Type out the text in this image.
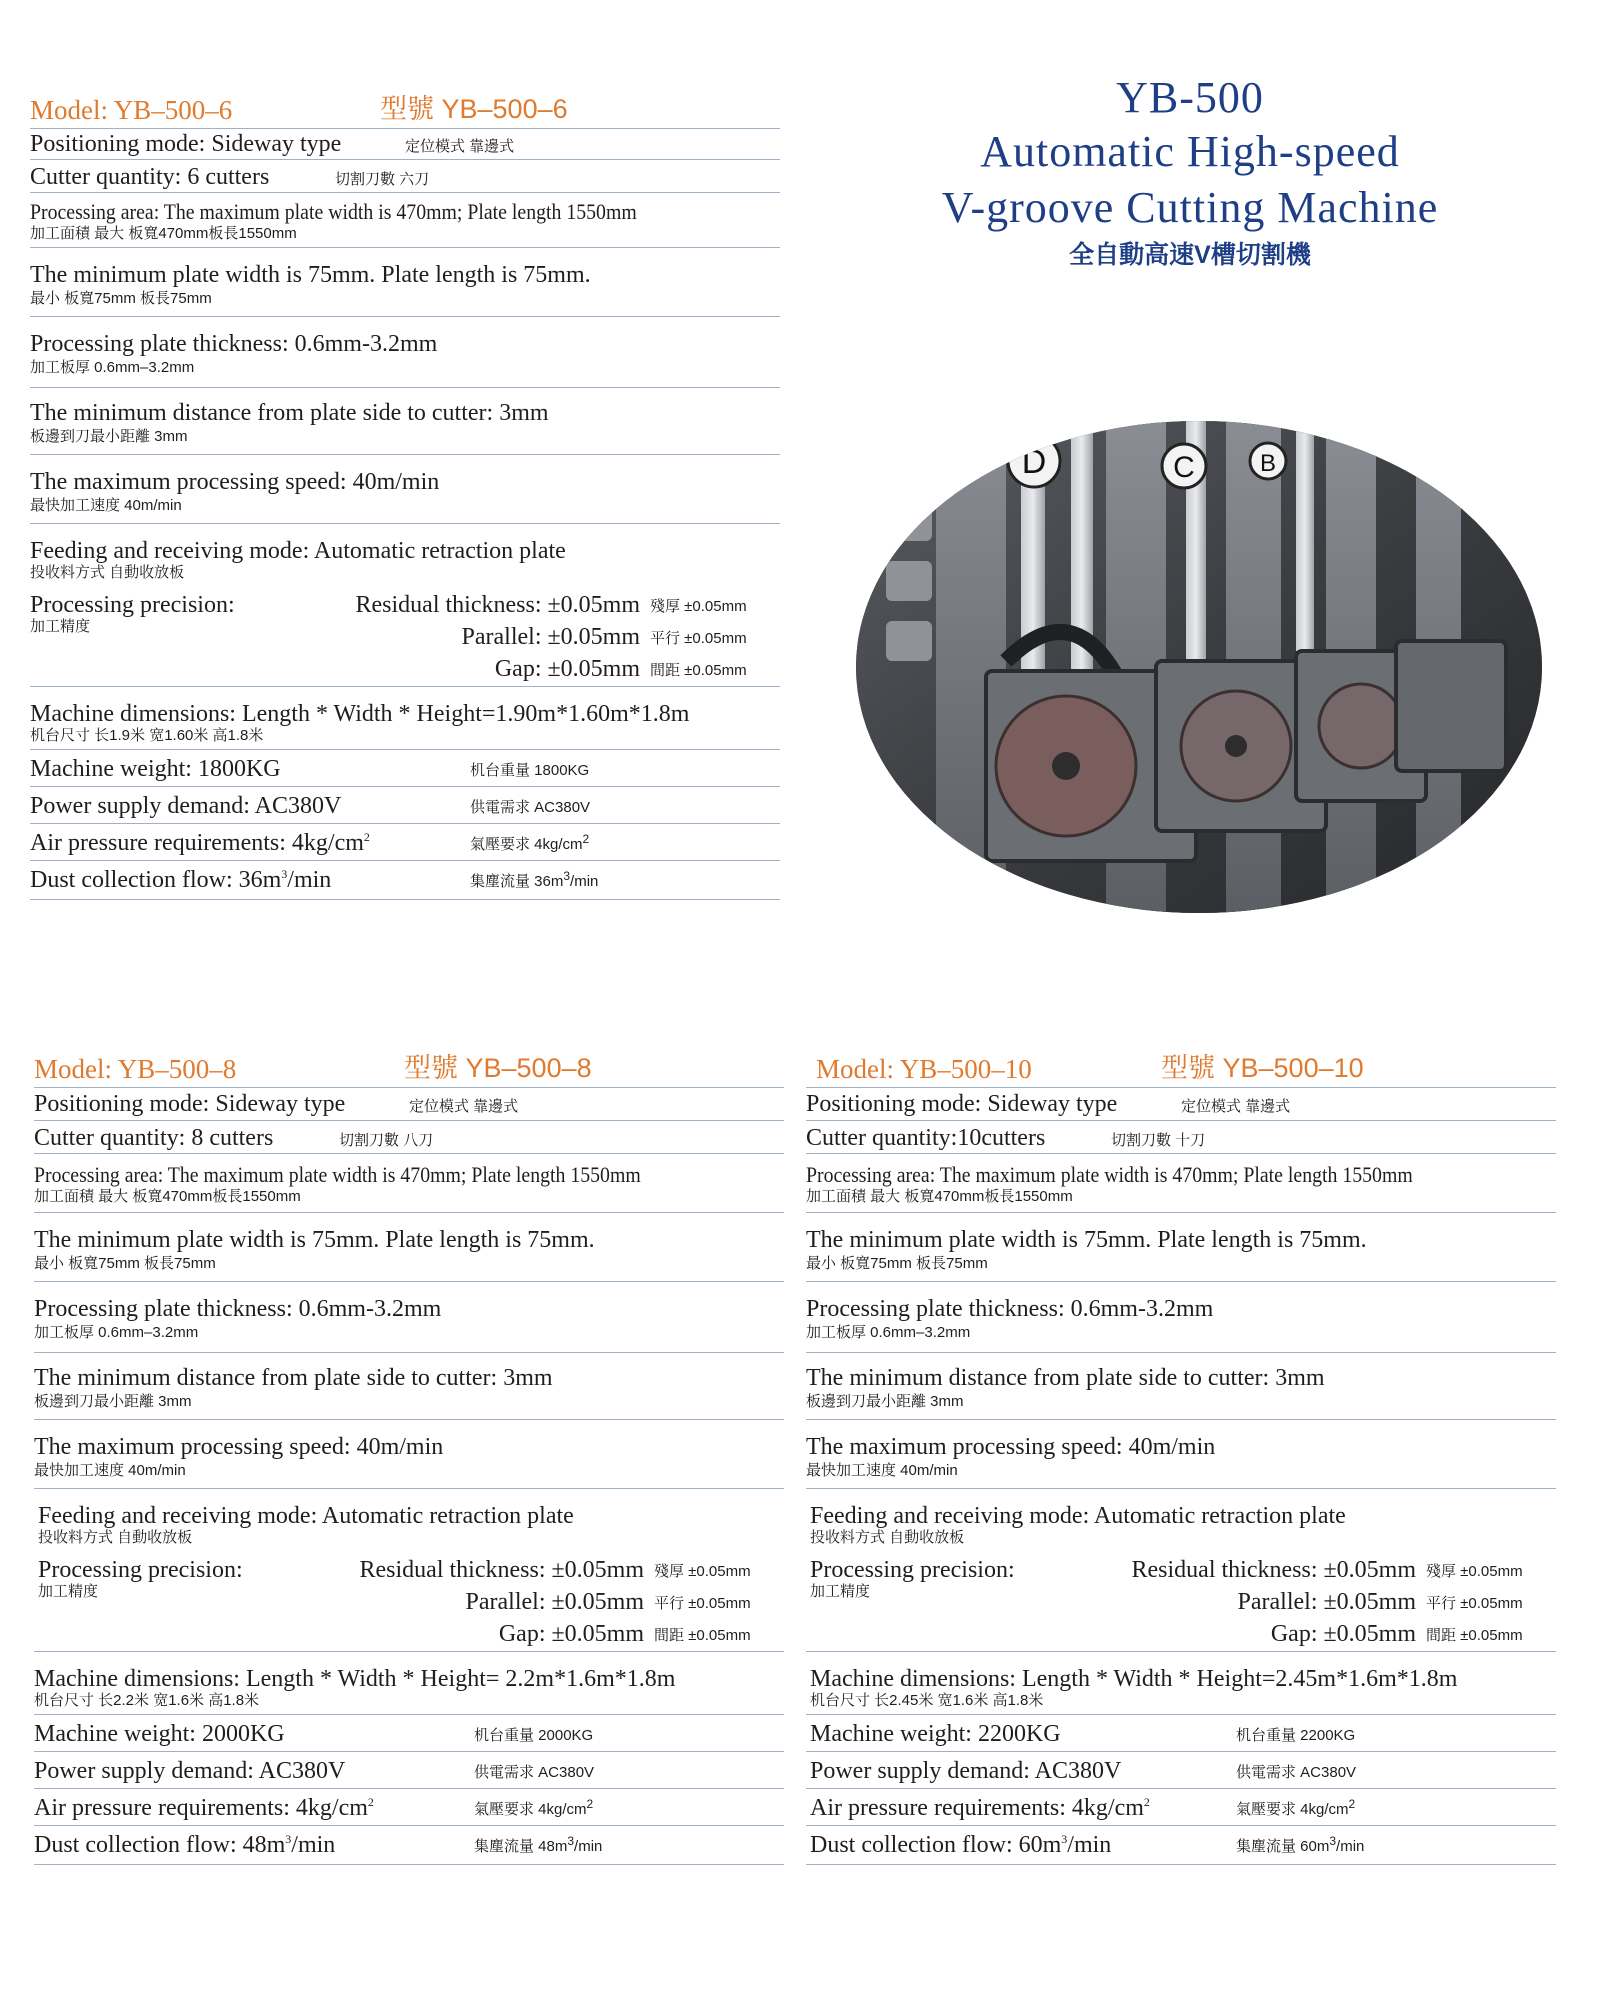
YB-500
Automatic High-speed
V-groove Cutting Machine
全自動高速V槽切割機
D	C	B
Model: YB–500–6	型號 YB–500–6
Positioning mode: Sideway type	定位模式 靠邊式
Cutter quantity: 6 cutters	切割刀數 六刀
Processing area: The maximum plate width is 470mm; Plate length 1550mm
加工面積 最大 板寬470mm板長1550mm
The minimum plate width is 75mm. Plate length is 75mm.
最小 板寬75mm 板長75mm
Processing plate thickness: 0.6mm-3.2mm
加工板厚 0.6mm–3.2mm
The minimum distance from plate side to cutter: 3mm
板邊到刀最小距離 3mm
The maximum processing speed: 40m/min
最快加工速度 40m/min
Feeding and receiving mode: Automatic retraction plate
投收料方式 自動收放板
Processing precision:
加工精度
Residual thickness: ±0.05mm 殘厚 ±0.05mm
Parallel: ±0.05mm 平行 ±0.05mm
Gap: ±0.05mm 間距 ±0.05mm
Machine dimensions: Length * Width * Height=1.90m*1.60m*1.8m
机台尺寸 长1.9米 宽1.60米 高1.8米
Machine weight: 1800KG	机台重量 1800KG
Power supply demand: AC380V	供電需求 AC380V
Air pressure requirements: $4kg/cm^2$	氣壓要求 $4kg/cm^2$
Dust collection flow: $36m^3/\min$	集塵流量 $36m^3/\min$
Model: YB–500–8	型號 YB–500–8
Positioning mode: Sideway type	定位模式 靠邊式
Cutter quantity: 8 cutters	切割刀數 八刀
Processing area: The maximum plate width is 470mm; Plate length 1550mm
加工面積 最大 板寬470mm板長1550mm
The minimum plate width is 75mm. Plate length is 75mm.
最小 板寬75mm 板長75mm
Processing plate thickness: 0.6mm-3.2mm
加工板厚 0.6mm–3.2mm
The minimum distance from plate side to cutter: 3mm
板邊到刀最小距離 3mm
The maximum processing speed: 40m/min
最快加工速度 40m/min
Feeding and receiving mode: Automatic retraction plate
投收料方式 自動收放板
Processing precision:
加工精度
Residual thickness: ±0.05mm 殘厚 ±0.05mm
Parallel: ±0.05mm 平行 ±0.05mm
Gap: ±0.05mm 間距 ±0.05mm
Machine dimensions: Length * Width * Height= 2.2m*1.6m*1.8m
机台尺寸 长2.2米 宽1.6米 高1.8米
Machine weight: 2000KG	机台重量 2000KG
Power supply demand: AC380V	供電需求 AC380V
Air pressure requirements: $4kg/cm^2$	氣壓要求 $4kg/cm^2$
Dust collection flow: $48m^3/\min$	集塵流量 $48m^3/\min$
Model: YB–500–10	型號 YB–500–10
Positioning mode: Sideway type	定位模式 靠邊式
Cutter quantity:10cutters	切割刀數 十刀
Processing area: The maximum plate width is 470mm; Plate length 1550mm
加工面積 最大 板寬470mm板長1550mm
The minimum plate width is 75mm. Plate length is 75mm.
最小 板寬75mm 板長75mm
Processing plate thickness: 0.6mm-3.2mm
加工板厚 0.6mm–3.2mm
The minimum distance from plate side to cutter: 3mm
板邊到刀最小距離 3mm
The maximum processing speed: 40m/min
最快加工速度 40m/min
Feeding and receiving mode: Automatic retraction plate
投收料方式 自動收放板
Processing precision:
加工精度
Residual thickness: ±0.05mm 殘厚 ±0.05mm
Parallel: ±0.05mm 平行 ±0.05mm
Gap: ±0.05mm 間距 ±0.05mm
Machine dimensions: Length * Width * Height=2.45m*1.6m*1.8m
机台尺寸 长2.45米 宽1.6米 高1.8米
Machine weight: 2200KG	机台重量 2200KG
Power supply demand: AC380V	供電需求 AC380V
Air pressure requirements: $4kg/cm^2$	氣壓要求 $4kg/cm^2$
Dust collection flow: $60m^3/\min$	集塵流量 $60m^3/\min$
